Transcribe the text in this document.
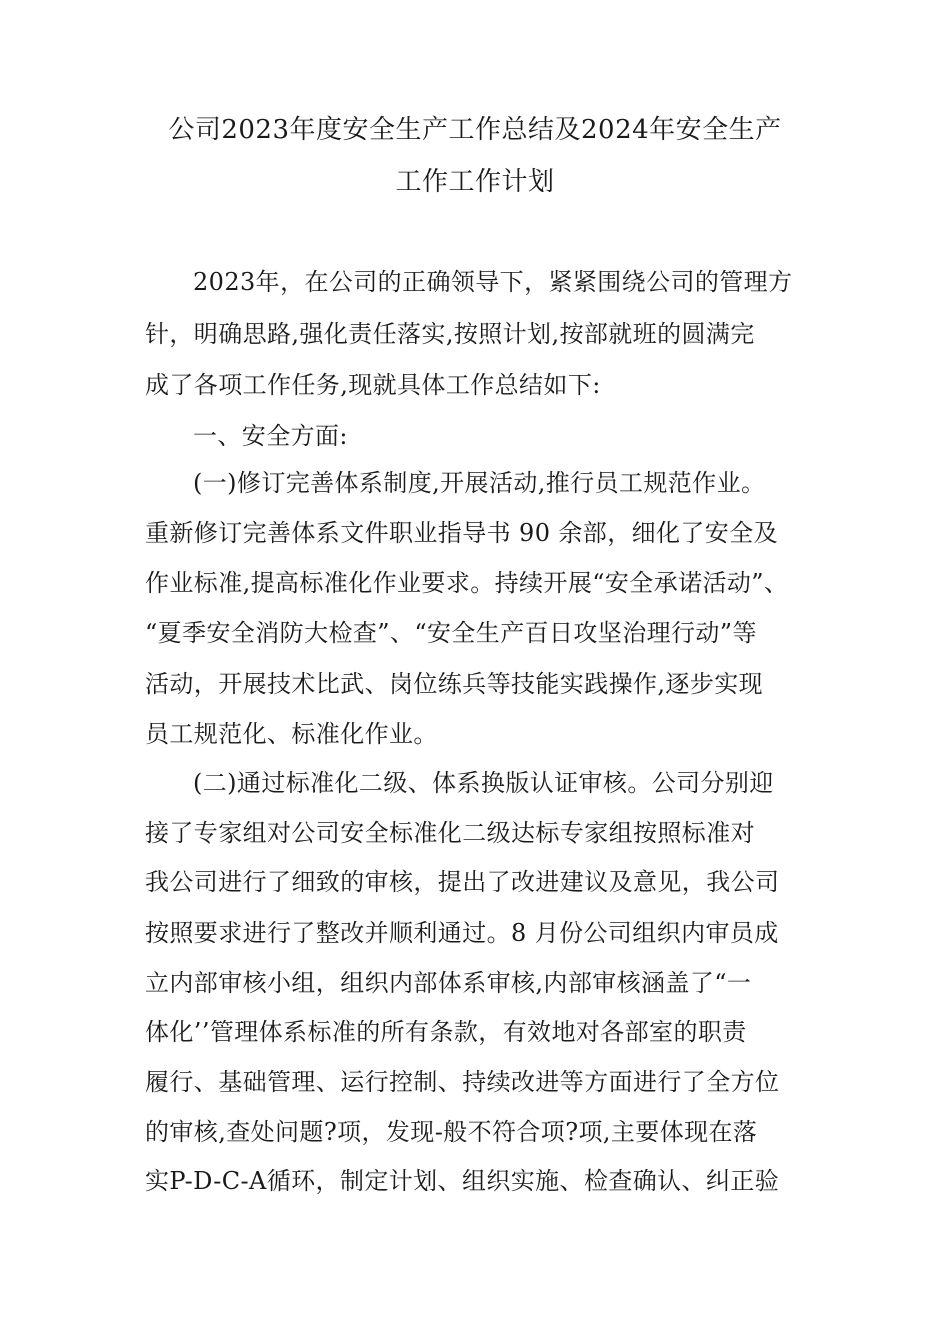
公司2023年度安全生产工作总结及2024年安全生产
工作工作计划
2023年，在公司的正确领导下，紧紧围绕公司的管理方
针，明确思路,强化责任落实,按照计划,按部就班的圆满完
成了各项工作任务,现就具体工作总结如下:
一、安全方面:
(一)修订完善体系制度,开展活动,推行员工规范作业。
重新修订完善体系文件职业指导书 90 余部，细化了安全及
作业标准,提高标准化作业要求。持续开展“安全承诺活动”、
“夏季安全消防大检查”、“安全生产百日攻坚治理行动”等
活动，开展技术比武、岗位练兵等技能实践操作,逐步实现
员工规范化、标准化作业。
(二)通过标准化二级、体系换版认证审核。公司分别迎
接了专家组对公司安全标准化二级达标专家组按照标准对
我公司进行了细致的审核，提出了改进建议及意见，我公司
按照要求进行了整改并顺利通过。8 月份公司组织内审员成
立内部审核小组，组织内部体系审核,内部审核涵盖了“一
体化’’管理体系标准的所有条款，有效地对各部室的职责
履行、基础管理、运行控制、持续改进等方面进行了全方位
的审核,查处问题?项，发现-般不符合项?项,主要体现在落
实P-D-C-A循环，制定计划、组织实施、检查确认、纠正验
